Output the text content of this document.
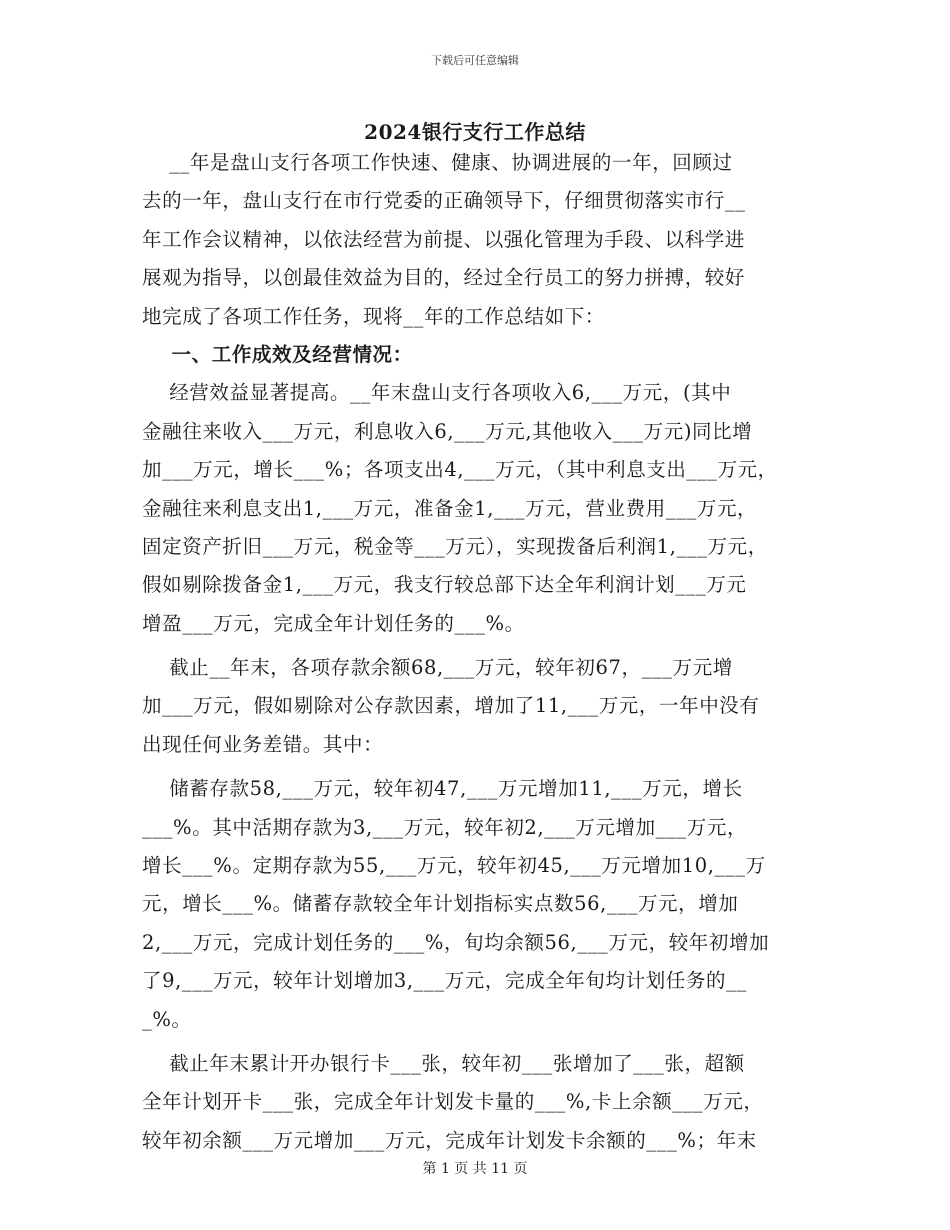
下载后可任意编辑
2024银行支行工作总结
__年是盘山支行各项工作快速、健康、协调进展的一年，回顾过
去的一年，盘山支行在市行党委的正确领导下，仔细贯彻落实市行__
年工作会议精神，以依法经营为前提、以强化管理为手段、以科学进
展观为指导，以创最佳效益为目的，经过全行员工的努力拼搏，较好
地完成了各项工作任务，现将__年的工作总结如下：
一、工作成效及经营情况：
经营效益显著提高。__年末盘山支行各项收入6,___万元，(其中
金融往来收入___万元，利息收入6,___万元,其他收入___万元)同比增
加___万元，增长___%；各项支出4,___万元，（其中利息支出___万元，
金融往来利息支出1,___万元，准备金1,___万元，营业费用___万元，
固定资产折旧___万元，税金等___万元），实现拨备后利润1,___万元，
假如剔除拨备金1,___万元，我支行较总部下达全年利润计划___万元
增盈___万元，完成全年计划任务的___%。
截止__年末，各项存款余额68,___万元，较年初67，___万元增
加___万元，假如剔除对公存款因素，增加了11,___万元，一年中没有
出现任何业务差错。其中：
储蓄存款58,___万元，较年初47,___万元增加11,___万元，增长
___%。其中活期存款为3,___万元，较年初2,___万元增加___万元，
增长___%。定期存款为55,___万元，较年初45,___万元增加10,___万
元，增长___%。储蓄存款较全年计划指标实点数56,___万元，增加
2,___万元，完成计划任务的___%，旬均余额56,___万元，较年初增加
了9,___万元，较年计划增加3,___万元，完成全年旬均计划任务的__
_%。
截止年末累计开办银行卡___张，较年初___张增加了___张，超额
全年计划开卡___张，完成全年计划发卡量的___%,卡上余额___万元，
较年初余额___万元增加___万元，完成年计划发卡余额的___%；年末
第 1 页 共 11 页
